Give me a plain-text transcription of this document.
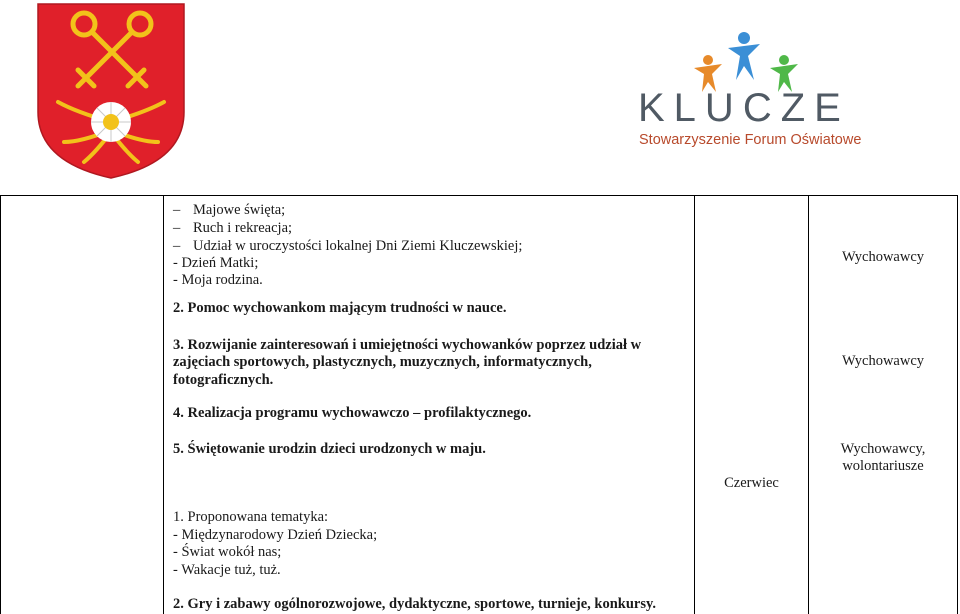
KLUCZE
Stowarzyszenie Forum Oświatowe
– Majowe święta;
– Ruch i rekreacja;
– Udział w uroczystości lokalnej Dni Ziemi Kluczewskiej;
- Dzień Matki;
- Moja rodzina.
2. Pomoc wychowankom mającym trudności w nauce.
3. Rozwijanie zainteresowań i umiejętności wychowanków poprzez udział w
zajęciach sportowych, plastycznych, muzycznych, informatycznych,
fotograficznych.
4. Realizacja programu wychowawczo – profilaktycznego.
5. Świętowanie urodzin dzieci urodzonych w maju.
1. Proponowana tematyka:
- Międzynarodowy Dzień Dziecka;
- Świat wokół nas;
- Wakacje tuż, tuż.
2. Gry i zabawy ogólnorozwojowe, dydaktyczne, sportowe, turnieje, konkursy.
Czerwiec
Wychowawcy
Wychowawcy
Wychowawcy,
wolontariusze
